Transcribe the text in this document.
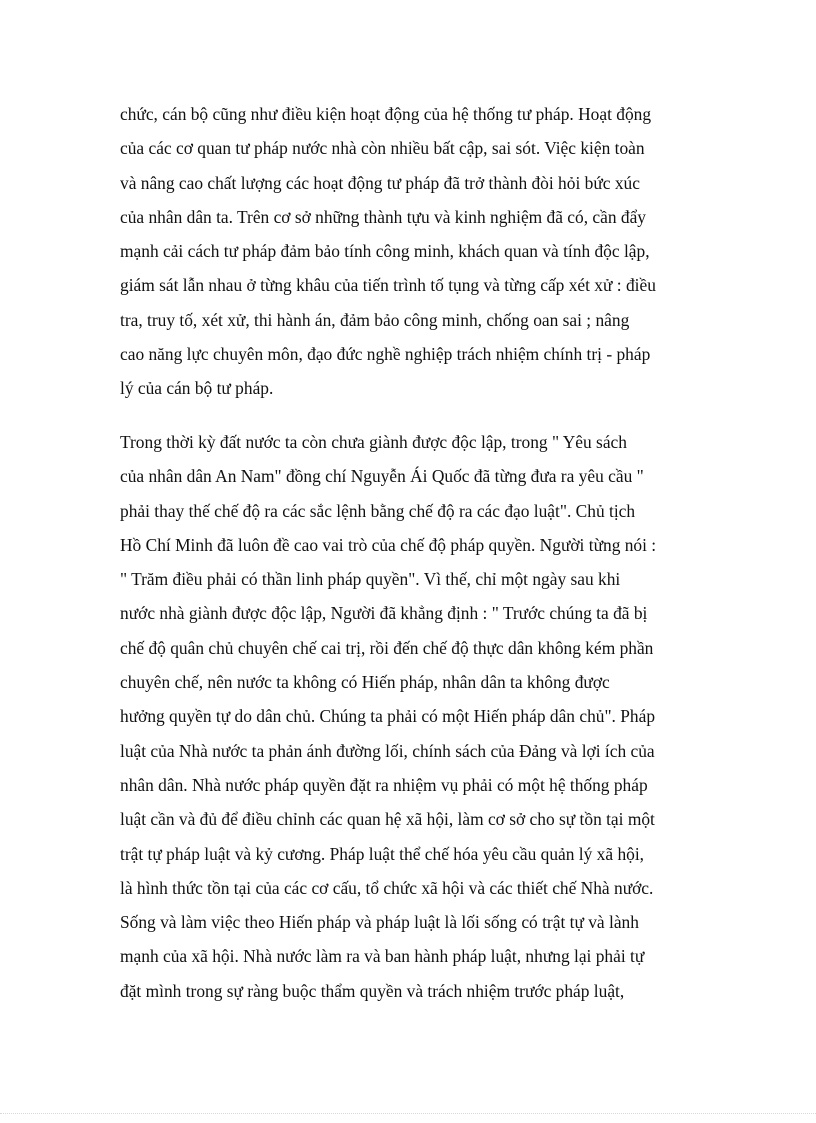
chức, cán bộ cũng như điều kiện hoạt động của hệ thống tư pháp. Hoạt động
của các cơ quan tư pháp nước nhà còn nhiều bất cập, sai sót. Việc kiện toàn
và nâng cao chất lượng các hoạt động tư pháp đã trở thành đòi hỏi bức xúc
của nhân dân ta. Trên cơ sở những thành tựu và kinh nghiệm đã có, cần đẩy
mạnh cải cách tư pháp đảm bảo tính công minh, khách quan và tính độc lập,
giám sát lẫn nhau ở từng khâu của tiến trình tố tụng và từng cấp xét xử : điều
tra, truy tố, xét xử, thi hành án, đảm bảo công minh, chống oan sai ; nâng
cao năng lực chuyên môn, đạo đức nghề nghiệp trách nhiệm chính trị - pháp
lý của cán bộ tư pháp.
Trong thời kỳ đất nước ta còn chưa giành được độc lập, trong " Yêu sách
của nhân dân An Nam" đồng chí Nguyễn Ái Quốc đã từng đưa ra yêu cầu "
phải thay thế chế độ ra các sắc lệnh bằng chế độ ra các đạo luật". Chủ tịch
Hồ Chí Minh đã luôn đề cao vai trò của chế độ pháp quyền. Người từng nói :
" Trăm điều phải có thần linh pháp quyền". Vì thế, chỉ một ngày sau khi
nước nhà giành được độc lập, Người đã khẳng định : " Trước chúng ta đã bị
chế độ quân chủ chuyên chế cai trị, rồi đến chế độ thực dân không kém phần
chuyên chế, nên nước ta không có Hiến pháp, nhân dân ta không được
hưởng quyền tự do dân chủ. Chúng ta phải có một Hiến pháp dân chủ". Pháp
luật của Nhà nước ta phản ánh đường lối, chính sách của Đảng và lợi ích của
nhân dân. Nhà nước pháp quyền đặt ra nhiệm vụ phải có một hệ thống pháp
luật cần và đủ để điều chỉnh các quan hệ xã hội, làm cơ sở cho sự tồn tại một
trật tự pháp luật và kỷ cương. Pháp luật thể chế hóa yêu cầu quản lý xã hội,
là hình thức tồn tại của các cơ cấu, tổ chức xã hội và các thiết chế Nhà nước.
Sống và làm việc theo Hiến pháp và pháp luật là lối sống có trật tự và lành
mạnh của xã hội. Nhà nước làm ra và ban hành pháp luật, nhưng lại phải tự
đặt mình trong sự ràng buộc thẩm quyền và trách nhiệm trước pháp luật,
